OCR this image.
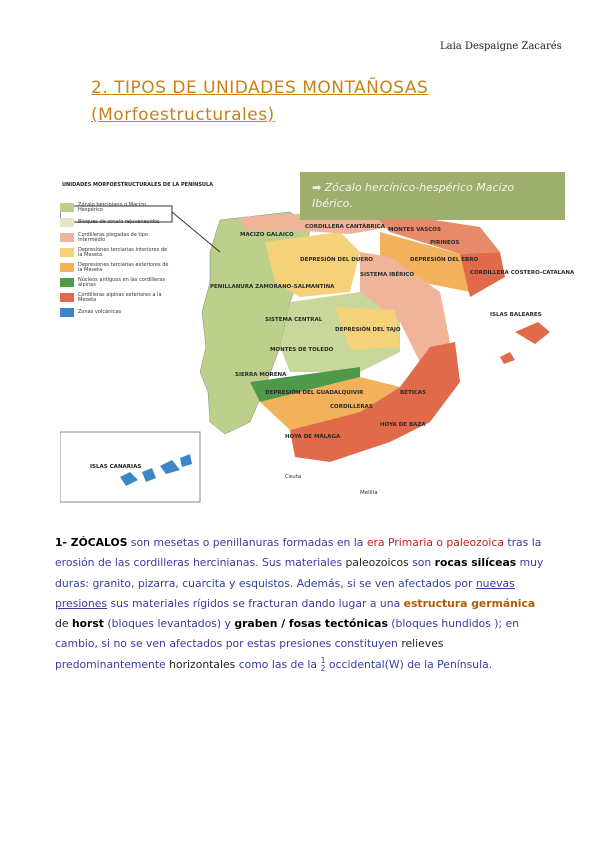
Laia Despaigne Zacarés
2. TIPOS DE UNIDADES MONTAÑOSAS
(Morfoestructurales)
➡ Zócalo hercínico-hespérico Macizo Ibérico.
UNIDADES MORFOESTRUCTURALES DE LA PENÍNSULA
Zócalo herciniano o Macizo Hespérico
Bloques de zócalo rejuvenecidos
Cordilleras plegadas de tipo intermedio
Depresiones terciarias interiores de la Meseta
Depresiones terciarias exteriores de la Meseta
Núcleos antiguos en las cordilleras alpinas
Cordilleras alpinas exteriores a la Meseta
Zonas volcánicas
MACIZO GALAICO
CORDILLERA CANTÁBRICA MONTES VASCOS
PIRINEOS
DEPRESIÓN DEL DUERO	DEPRESIÓN DEL EBRO
SISTEMA IBÉRICO	CORDILLERA COSTERO-CATALANA
PENILLANURA ZAMORANO-SALMANTINA
SISTEMA CENTRAL
DEPRESIÓN DEL TAJO
MONTES DE TOLEDO
ISLAS BALEARES
SIERRA MORENA
DEPRESIÓN DEL GUADALQUIVIR
CORDILLERAS
BÉTICAS
HOYA DE BAZA
HOYA DE MÁLAGA
ISLAS CANARIAS
Ceuta
Melilla
1- ZÓCALOS son mesetas o penillanuras formadas en la era Primaria o paleozoica tras la erosión de las cordilleras hercinianas. Sus materiales paleozoicos son rocas silíceas muy duras: granito, pizarra, cuarcita y esquistos. Además, si se ven afectados por nuevas presiones sus materiales rígidos se fracturan dando lugar a una estructura germánica de horst (bloques levantados) y graben / fosas tectónicas (bloques hundidos ); en cambio, si no se ven afectados por estas presiones constituyen relieves predominantemente horizontales como las de la 1
2 occidental(W) de la Península.
